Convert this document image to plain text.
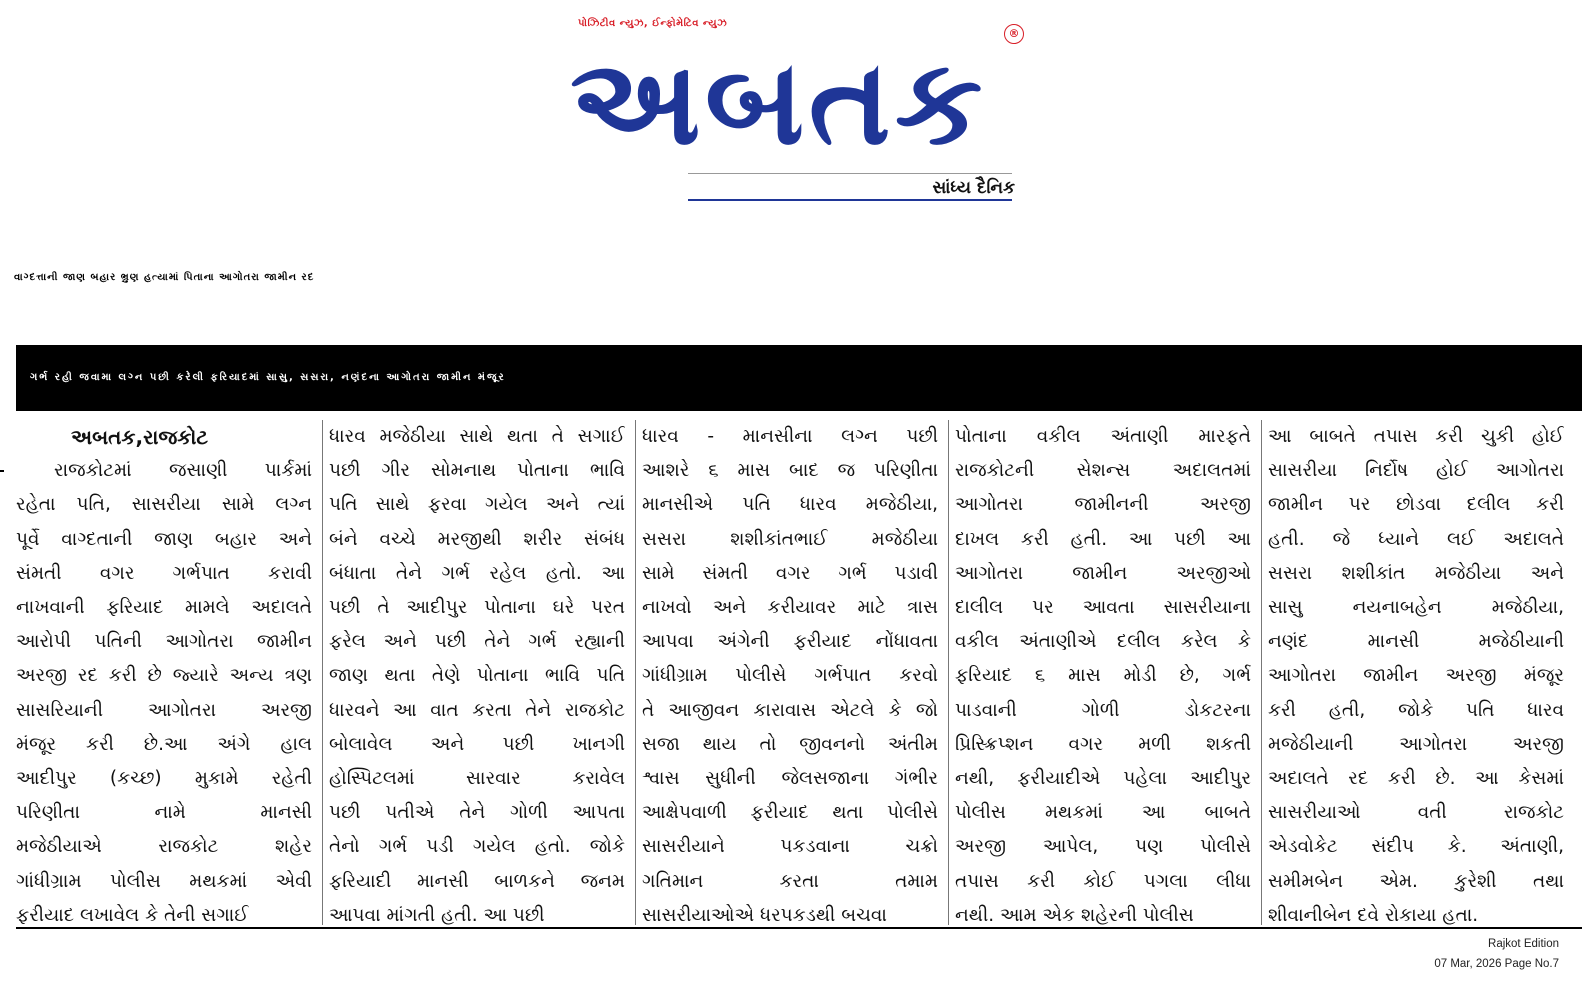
પોઝિટીવ ન્યુઝ, ઈન્ફોમેટિવ ન્યુઝ
અબતક	®
સાંધ્ય દૈનિક
વાગ્દત્તાની જાણ બહાર ભ્રુણ હત્યામાં પિતાના આગોતરા જામીન રદ
ગર્ભ રહી જવામા લગ્ન પછી કરેલી ફરિયાદમાં સાસુ, સસરા, નણંદના આગોતરા જામીન મંજૂર
અબતક,રાજકોટ
રાજકોટમાં જસાણી પાર્કમાં
રહેતા પતિ, સાસરીયા સામે લગ્ન
પૂર્વે વાગ્દતાની જાણ બહાર અને
સંમતી વગર ગર્ભપાત કરાવી
નાખવાની ફરિયાદ મામલે અદાલતે
આરોપી પતિની આગોતરા જામીન
અરજી રદ કરી છે જ્યારે અન્ય ત્રણ
સાસરિયાની આગોતરા અરજી
મંજૂર કરી છે.આ અંગે હાલ
આદીપુર (કચ્છ) મુકામે રહેતી
પરિણીતા નામે માનસી
મજેઠીયાએ રાજકોટ શહેર
ગાંધીગ્રામ પોલીસ મથકમાં એવી
ફરીયાદ લખાવેલ કે તેની સગાઈ
ધારવ મજેઠીયા સાથે થતા તે સગાઈ
પછી ગીર સોમનાથ પોતાના ભાવિ
પતિ સાથે ફરવા ગયેલ અને ત્યાં
બંને વચ્ચે મરજીથી શરીર સંબંધ
બંધાતા તેને ગર્ભ રહેલ હતો. આ
પછી તે આદીપુર પોતાના ઘરે પરત
ફરેલ અને પછી તેને ગર્ભ રહ્યાની
જાણ થતા તેણે પોતાના ભાવિ પતિ
ધારવને આ વાત કરતા તેને રાજકોટ
બોલાવેલ અને પછી ખાનગી
હોસ્પિટલમાં સારવાર કરાવેલ
પછી પતીએ તેને ગોળી આપતા
તેનો ગર્ભ પડી ગયેલ હતો. જોકે
ફરિયાદી માનસી બાળકને જનમ
આપવા માંગતી હતી. આ પછી
ધારવ - માનસીના લગ્ન પછી
આશરે ૬ માસ બાદ જ પરિણીતા
માનસીએ પતિ ધારવ મજેઠીયા,
સસરા શશીકાંતભાઈ મજેઠીયા
સામે સંમતી વગર ગર્ભ પડાવી
નાખવો અને કરીયાવર માટે ત્રાસ
આપવા અંગેની ફરીયાદ નોંધાવતા
ગાંધીગ્રામ પોલીસે ગર્ભપાત કરવો
તે આજીવન કારાવાસ એટલે કે જો
સજા થાય તો જીવનનો અંતીમ
શ્વાસ સુધીની જેલસજાના ગંભીર
આક્ષેપવાળી ફરીયાદ થતા પોલીસે
સાસરીયાને પકડવાના ચક્રો
ગતિમાન કરતા તમામ
સાસરીયાઓએ ધરપકડથી બચવા
પોતાના વકીલ અંતાણી મારફતે
રાજકોટની સેશન્સ અદાલતમાં
આગોતરા જામીનની અરજી
દાખલ કરી હતી. આ પછી આ
આગોતરા જામીન અરજીઓ
દાલીલ પર આવતા સાસરીયાના
વકીલ અંતાણીએ દલીલ કરેલ કે
ફરિયાદ ૬ માસ મોડી છે, ગર્ભ
પાડવાની ગોળી ડોકટરના
પ્રિસ્ક્રિપ્શન વગર મળી શકતી
નથી, ફરીયાદીએ પહેલા આદીપુર
પોલીસ મથકમાં આ બાબતે
અરજી આપેલ, પણ પોલીસે
તપાસ કરી કોઈ પગલા લીધા
નથી. આમ એક શહેરની પોલીસ
આ બાબતે તપાસ કરી ચુકી હોઈ
સાસરીયા નિર્દોષ હોઈ આગોતરા
જામીન પર છોડવા દલીલ કરી
હતી. જે ધ્યાને લઈ અદાલતે
સસરા શશીકાંત મજેઠીયા અને
સાસુ નયનાબહેન મજેઠીયા,
નણંદ માનસી મજેઠીયાની
આગોતરા જામીન અરજી મંજૂર
કરી હતી, જોકે પતિ ધારવ
મજેઠીયાની આગોતરા અરજી
અદાલતે રદ કરી છે. આ કેસમાં
સાસરીયાઓ વતી રાજકોટ
એડવોકેટ સંદીપ કે. અંતાણી,
સમીમબેન એમ. કુરેશી તથા
શીવાનીબેન દવે રોકાયા હતા.
Rajkot Edition
07 Mar, 2026 Page No.7
